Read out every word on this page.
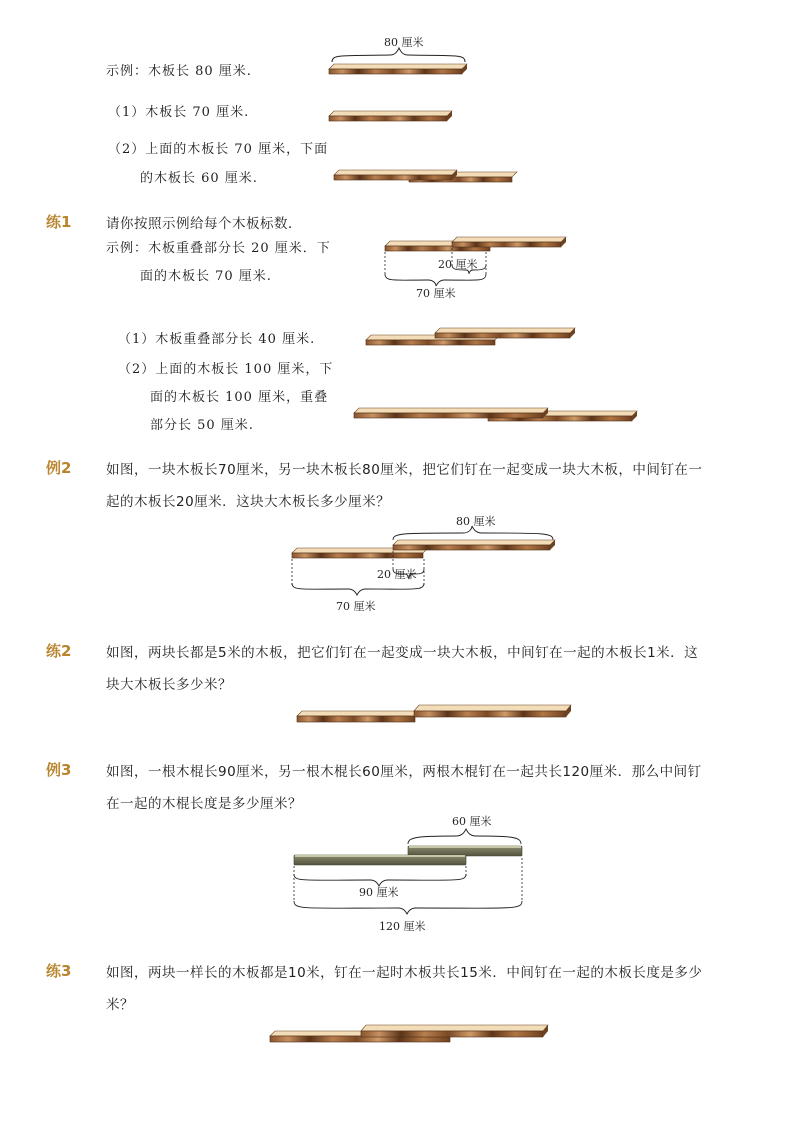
示例：木板长 80 厘米.
80 厘米
（1）木板长 70 厘米.
（2）上面的木板长 70 厘米，下面
的木板长 60 厘米.
练1	请你按照示例给每个木板标数．
示例：木板重叠部分长 20 厘米．下
面的木板长 70 厘米.
20 厘米
70 厘米
（1）木板重叠部分长 40 厘米.
（2）上面的木板长 100 厘米，下
面的木板长 100 厘米，重叠
部分长 50 厘米.
例2	如图，一块木板长70厘米，另一块木板长80厘米，把它们钉在一起变成一块大木板，中间钉在一
起的木板长20厘米．这块大木板长多少厘米？
80 厘米
20 厘米
70 厘米
练2	如图，两块长都是5米的木板，把它们钉在一起变成一块大木板，中间钉在一起的木板长1米．这
块大木板长多少米？
例3	如图，一根木棍长90厘米，另一根木棍长60厘米，两根木棍钉在一起共长120厘米．那么中间钉
在一起的木棍长度是多少厘米？
60 厘米
90 厘米
120 厘米
练3	如图，两块一样长的木板都是10米，钉在一起时木板共长15米．中间钉在一起的木板长度是多少
米？
